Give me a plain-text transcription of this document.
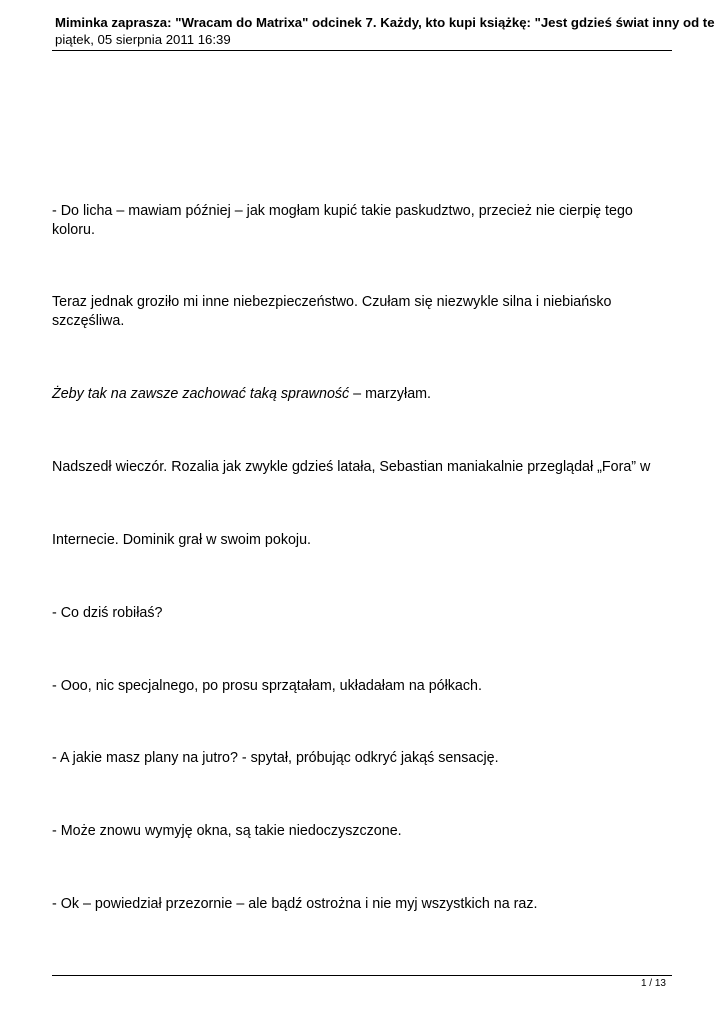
Miminka zaprasza: "Wracam do Matrixa" odcinek 7. Każdy, kto kupi książkę: "Jest gdzieś świat inny od te
piątek, 05 sierpnia 2011 16:39
- Do licha – mawiam później – jak mogłam kupić takie paskudztwo, przecież nie cierpię tego koloru.
Teraz jednak groziło mi inne niebezpieczeństwo. Czułam się niezwykle silna i niebiańsko szczęśliwa.
Żeby tak na zawsze zachować taką sprawność – marzyłam.
Nadszedł wieczór. Rozalia jak zwykle gdzieś latała, Sebastian maniakalnie przeglądał „Fora” w
Internecie. Dominik grał w swoim pokoju.
- Co dziś robiłaś?
- Ooo, nic specjalnego, po prosu sprzątałam, układałam na półkach.
- A jakie masz plany na jutro? - spytał, próbując odkryć jakąś sensację.
- Może znowu wymyję okna, są takie niedoczyszczone.
- Ok – powiedział przezornie – ale bądź ostrożna i nie myj wszystkich na raz.
1 / 13
